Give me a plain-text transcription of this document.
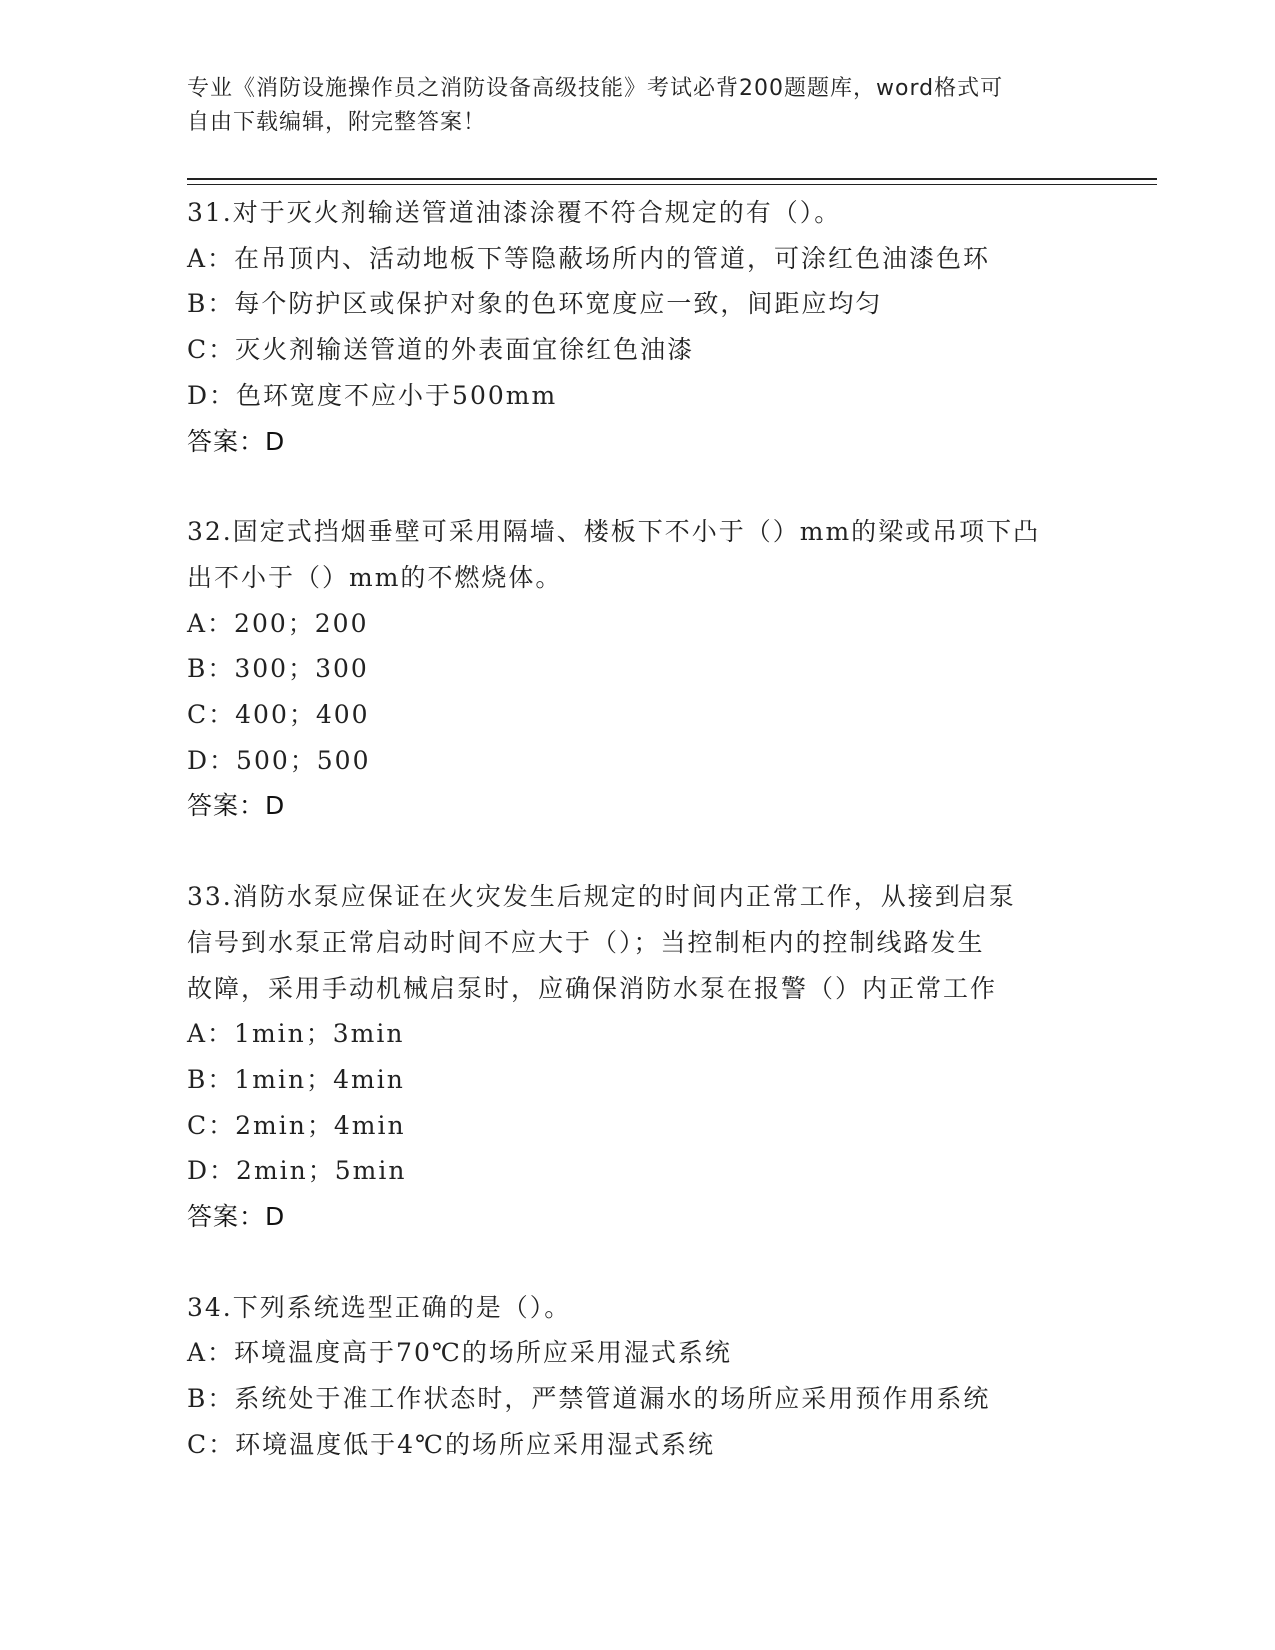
专业《消防设施操作员之消防设备高级技能》考试必背200题题库，word格式可
自由下载编辑，附完整答案！
31.对于灭火剂输送管道油漆涂覆不符合规定的有（）。
A：在吊顶内、活动地板下等隐蔽场所内的管道，可涂红色油漆色环
B：每个防护区或保护对象的色环宽度应一致，间距应均匀
C：灭火剂输送管道的外表面宜徐红色油漆
D：色环宽度不应小于500mm
答案：D
32.固定式挡烟垂壁可采用隔墙、楼板下不小于（）mm的梁或吊项下凸
出不小于（）mm的不燃烧体。
A：200；200
B：300；300
C：400；400
D：500；500
答案：D
33.消防水泵应保证在火灾发生后规定的时间内正常工作，从接到启泵
信号到水泵正常启动时间不应大于（）；当控制柜内的控制线路发生
故障，采用手动机械启泵时，应确保消防水泵在报警（）内正常工作
A：1min；3min
B：1min；4min
C：2min；4min
D：2min；5min
答案：D
34.下列系统选型正确的是（）。
A：环境温度高于70℃的场所应采用湿式系统
B：系统处于准工作状态时，严禁管道漏水的场所应采用预作用系统
C：环境温度低于4℃的场所应采用湿式系统
